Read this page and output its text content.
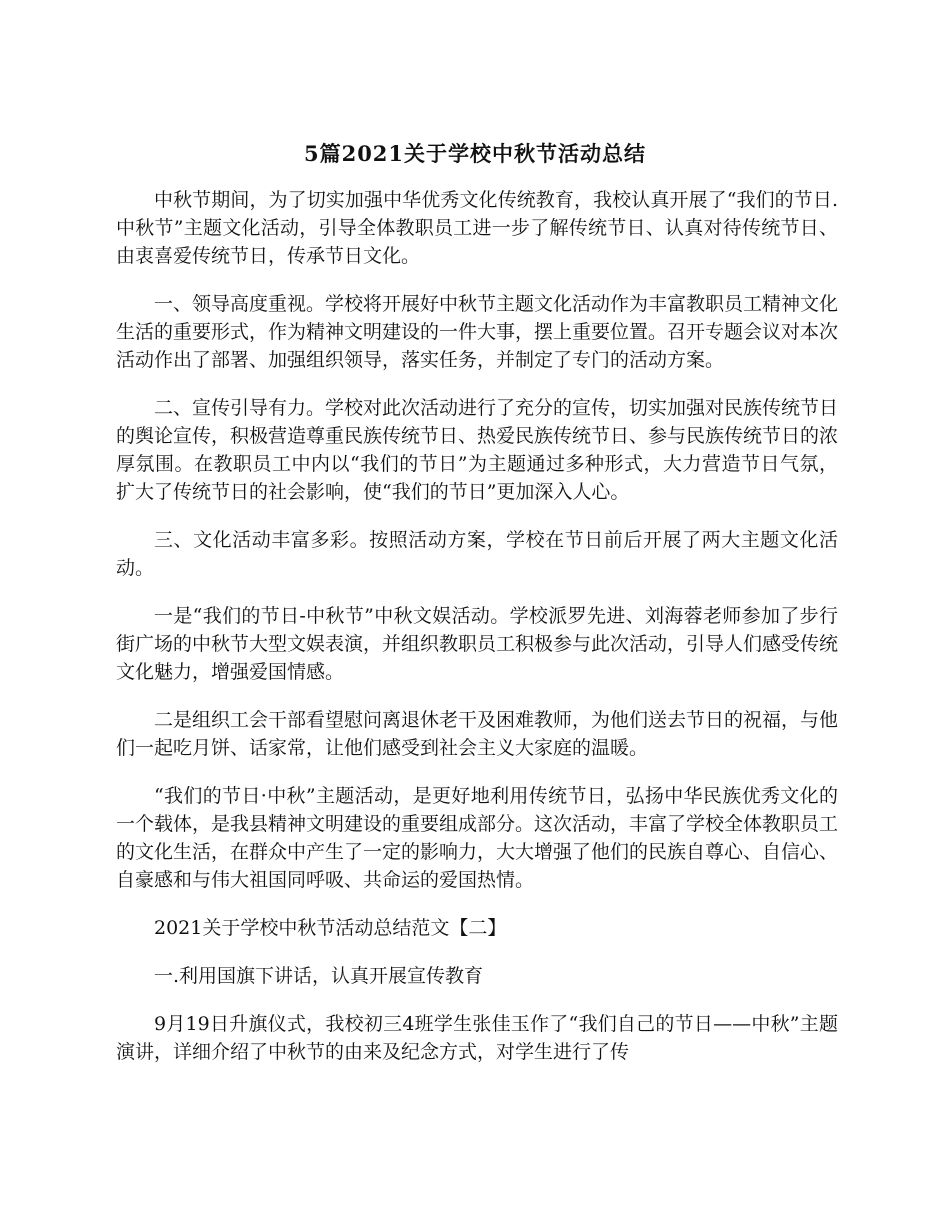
5篇2021关于学校中秋节活动总结

中秋节期间，为了切实加强中华优秀文化传统教育，我校认真开展了“我们的节日.中秋节”主题文化活动，引导全体教职员工进一步了解传统节日、认真对待传统节日、由衷喜爱传统节日，传承节日文化。

一、领导高度重视。学校将开展好中秋节主题文化活动作为丰富教职员工精神文化生活的重要形式，作为精神文明建设的一件大事，摆上重要位置。召开专题会议对本次活动作出了部署、加强组织领导，落实任务，并制定了专门的活动方案。

二、宣传引导有力。学校对此次活动进行了充分的宣传，切实加强对民族传统节日的舆论宣传，积极营造尊重民族传统节日、热爱民族传统节日、参与民族传统节日的浓厚氛围。在教职员工中内以“我们的节日”为主题通过多种形式，大力营造节日气氛，扩大了传统节日的社会影响，使“我们的节日”更加深入人心。

三、文化活动丰富多彩。按照活动方案，学校在节日前后开展了两大主题文化活动。

一是“我们的节日-中秋节”中秋文娱活动。学校派罗先进、刘海蓉老师参加了步行街广场的中秋节大型文娱表演，并组织教职员工积极参与此次活动，引导人们感受传统文化魅力，增强爱国情感。

二是组织工会干部看望慰问离退休老干及困难教师，为他们送去节日的祝福，与他们一起吃月饼、话家常，让他们感受到社会主义大家庭的温暖。

“我们的节日·中秋”主题活动，是更好地利用传统节日，弘扬中华民族优秀文化的一个载体，是我县精神文明建设的重要组成部分。这次活动，丰富了学校全体教职员工的文化生活，在群众中产生了一定的影响力，大大增强了他们的民族自尊心、自信心、自豪感和与伟大祖国同呼吸、共命运的爱国热情。

2021关于学校中秋节活动总结范文【二】

一.利用国旗下讲话，认真开展宣传教育

9月19日升旗仪式，我校初三4班学生张佳玉作了“我们自己的节日——中秋”主题演讲，详细介绍了中秋节的由来及纪念方式，对学生进行了传
